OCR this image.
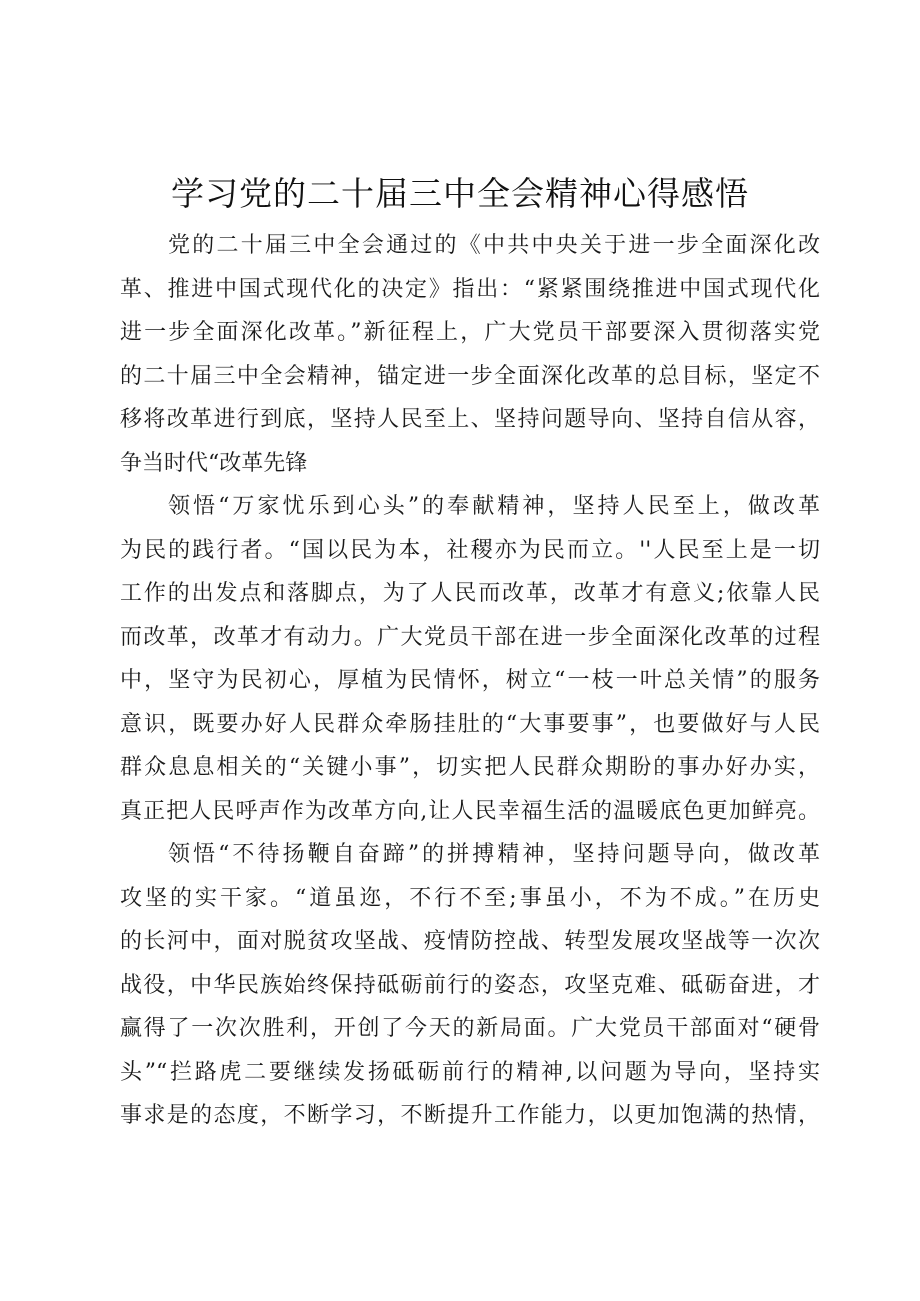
学习党的二十届三中全会精神心得感悟
党的二十届三中全会通过的《中共中央关于进一步全面深化改
革、推进中国式现代化的决定》指出：“紧紧围绕推进中国式现代化
进一步全面深化改革。”新征程上，广大党员干部要深入贯彻落实党
的二十届三中全会精神，锚定进一步全面深化改革的总目标，坚定不
移将改革进行到底，坚持人民至上、坚持问题导向、坚持自信从容，
争当时代“改革先锋
领悟“万家忧乐到心头”的奉献精神，坚持人民至上，做改革
为民的践行者。“国以民为本，社稷亦为民而立。''人民至上是一切
工作的出发点和落脚点，为了人民而改革，改革才有意义;依靠人民
而改革，改革才有动力。广大党员干部在进一步全面深化改革的过程
中，坚守为民初心，厚植为民情怀，树立“一枝一叶总关情”的服务
意识，既要办好人民群众牵肠挂肚的“大事要事”，也要做好与人民
群众息息相关的“关键小事”，切实把人民群众期盼的事办好办实，
真正把人民呼声作为改革方向,让人民幸福生活的温暖底色更加鲜亮。
领悟“不待扬鞭自奋蹄”的拼搏精神，坚持问题导向，做改革
攻坚的实干家。“道虽迩，不行不至;事虽小，不为不成。”在历史
的长河中，面对脱贫攻坚战、疫情防控战、转型发展攻坚战等一次次
战役，中华民族始终保持砥砺前行的姿态，攻坚克难、砥砺奋进，才
赢得了一次次胜利，开创了今天的新局面。广大党员干部面对“硬骨
头”“拦路虎二要继续发扬砥砺前行的精神,以问题为导向，坚持实
事求是的态度，不断学习，不断提升工作能力，以更加饱满的热情，
